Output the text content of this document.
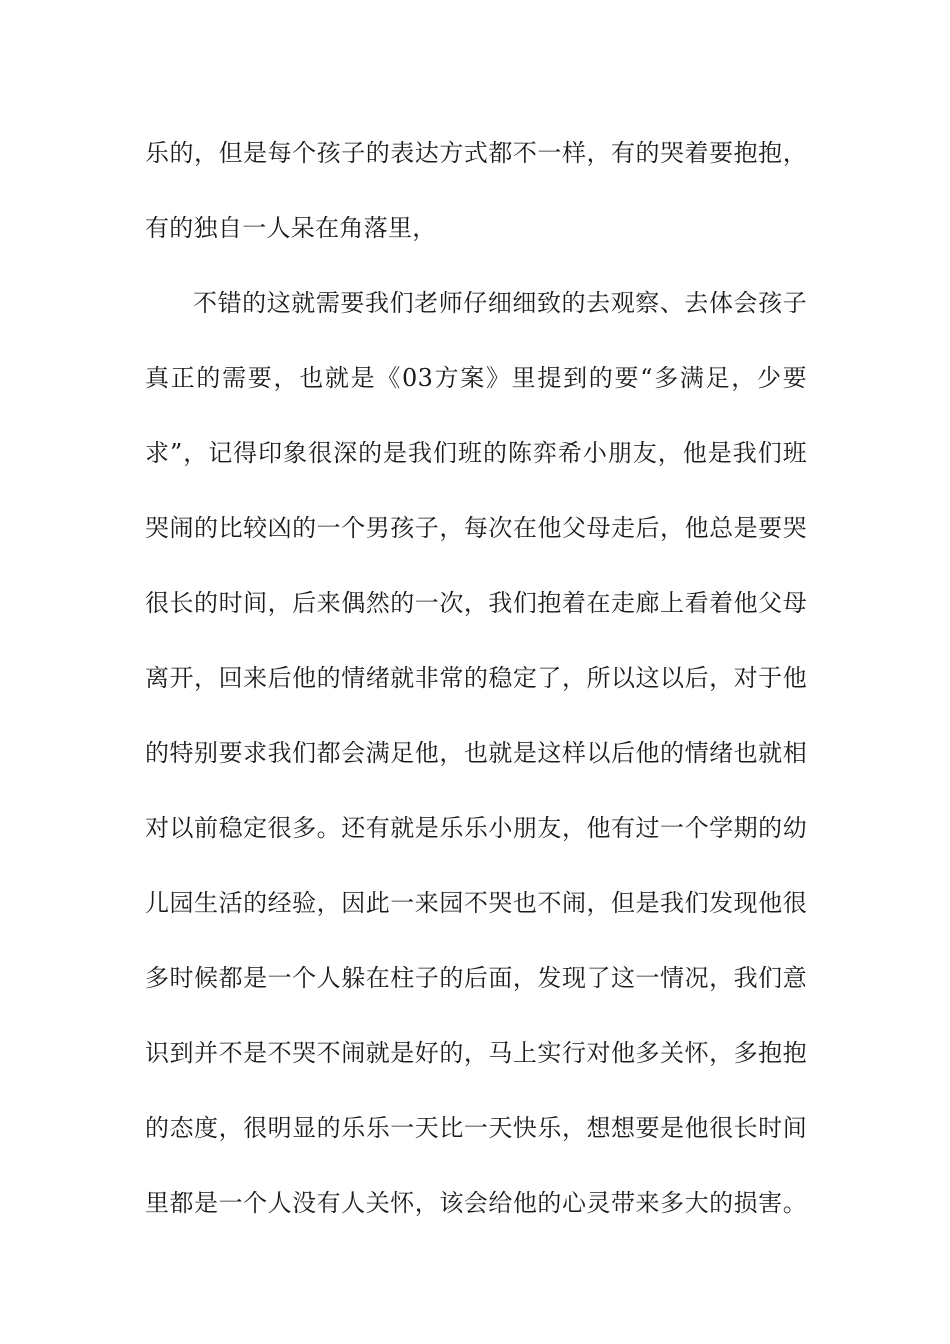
乐的，但是每个孩子的表达方式都不一样，有的哭着要抱抱，
有的独自一人呆在角落里，
不错的这就需要我们老师仔细细致的去观察、去体会孩子
真正的需要，也就是《03方案》里提到的要“多满足，少要
求”，记得印象很深的是我们班的陈弈希小朋友，他是我们班
哭闹的比较凶的一个男孩子，每次在他父母走后，他总是要哭
很长的时间，后来偶然的一次，我们抱着在走廊上看着他父母
离开，回来后他的情绪就非常的稳定了，所以这以后，对于他
的特别要求我们都会满足他，也就是这样以后他的情绪也就相
对以前稳定很多。还有就是乐乐小朋友，他有过一个学期的幼
儿园生活的经验，因此一来园不哭也不闹，但是我们发现他很
多时候都是一个人躲在柱子的后面，发现了这一情况，我们意
识到并不是不哭不闹就是好的，马上实行对他多关怀，多抱抱
的态度，很明显的乐乐一天比一天快乐，想想要是他很长时间
里都是一个人没有人关怀，该会给他的心灵带来多大的损害。
